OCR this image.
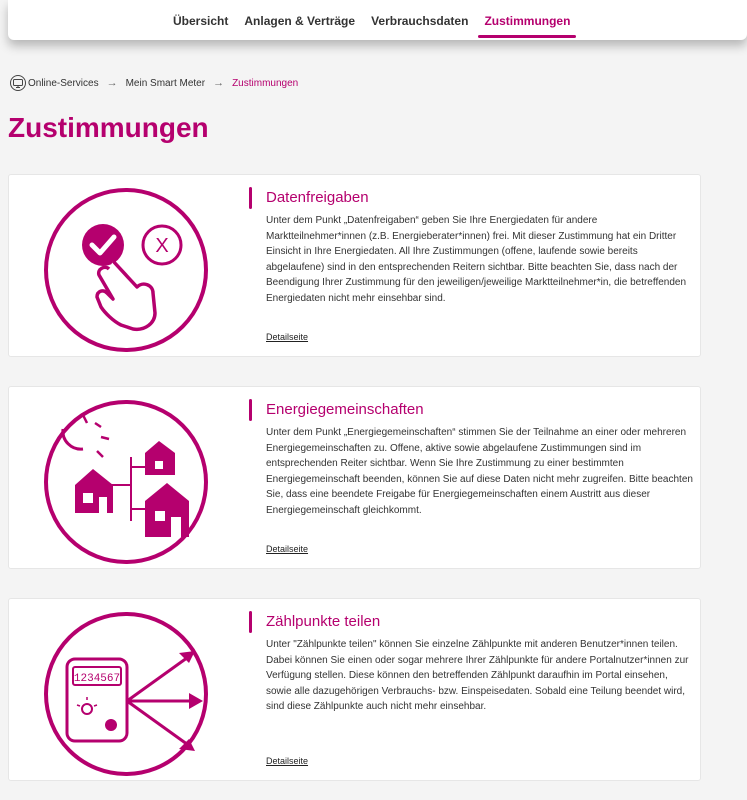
Übersicht Anlagen & Verträge Verbrauchsdaten Zustimmungen
Online-Services → Mein Smart Meter → Zustimmungen
Zustimmungen
X
Datenfreigaben
Unter dem Punkt „Datenfreigaben“ geben Sie Ihre Energiedaten für andere Marktteilnehmer*innen (z.B. Energieberater*innen) frei. Mit dieser Zustimmung hat ein Dritter Einsicht in Ihre Energiedaten. All Ihre Zustimmungen (offene, laufende sowie bereits abgelaufene) sind in den entsprechenden Reitern sichtbar. Bitte beachten Sie, dass nach der Beendigung Ihrer Zustimmung für den jeweiligen/jeweilige Marktteilnehmer*in, die betreffenden Energiedaten nicht mehr einsehbar sind.
Detailseite
Energiegemeinschaften
Unter dem Punkt „Energiegemeinschaften“ stimmen Sie der Teilnahme an einer oder mehreren Energiegemeinschaften zu. Offene, aktive sowie abgelaufene Zustimmungen sind im entsprechenden Reiter sichtbar. Wenn Sie Ihre Zustimmung zu einer bestimmten Energiegemeinschaft beenden, können Sie auf diese Daten nicht mehr zugreifen. Bitte beachten Sie, dass eine beendete Freigabe für Energiegemeinschaften einem Austritt aus dieser Energiegemeinschaft gleichkommt.
Detailseite
1234567
Zählpunkte teilen
Unter "Zählpunkte teilen" können Sie einzelne Zählpunkte mit anderen Benutzer*innen teilen. Dabei können Sie einen oder sogar mehrere Ihrer Zählpunkte für andere Portalnutzer*innen zur Verfügung stellen. Diese können den betreffenden Zählpunkt daraufhin im Portal einsehen, sowie alle dazugehörigen Verbrauchs- bzw. Einspeisedaten. Sobald eine Teilung beendet wird, sind diese Zählpunkte auch nicht mehr einsehbar.
Detailseite
